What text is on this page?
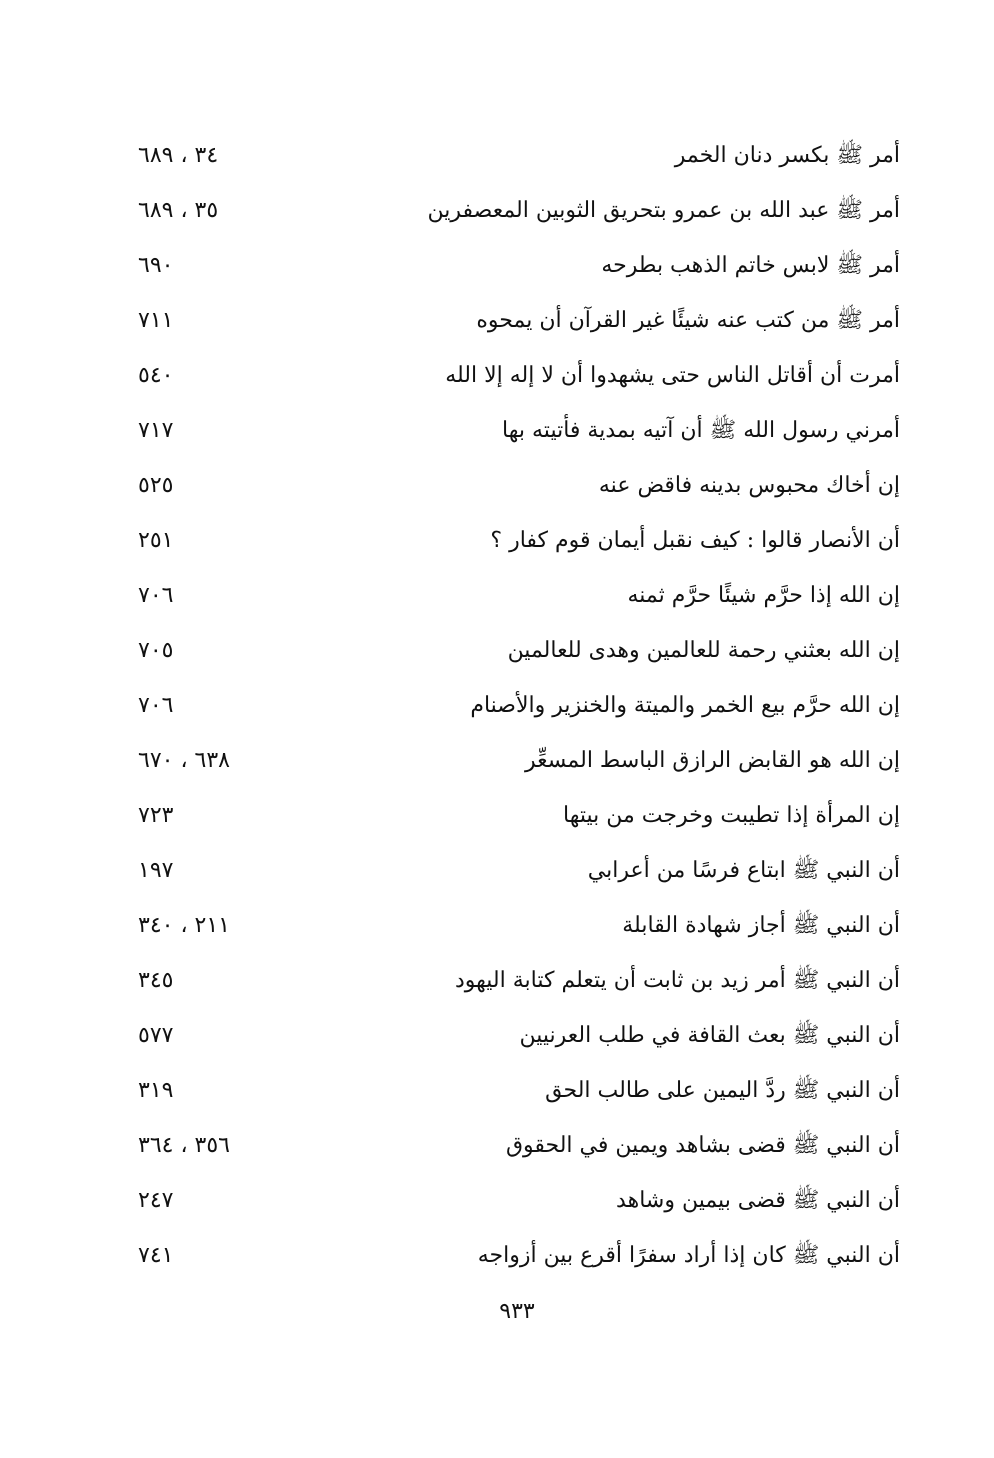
أمر ﷺ بكسر دنان الخمر
٣٤ ، ٦٨٩
أمر ﷺ عبد الله بن عمرو بتحريق الثوبين المعصفرين
٣٥ ، ٦٨٩
أمر ﷺ لابس خاتم الذهب بطرحه
٦٩٠
أمر ﷺ من كتب عنه شيئًا غير القرآن أن يمحوه
٧١١
أمرت أن أقاتل الناس حتى يشهدوا أن لا إله إلا الله
٥٤٠
أمرني رسول الله ﷺ أن آتيه بمدية فأتيته بها
٧١٧
إن أخاك محبوس بدينه فاقض عنه
٥٢٥
أن الأنصار قالوا : كيف نقبل أيمان قوم كفار ؟
٢٥١
إن الله إذا حرَّم شيئًا حرَّم ثمنه
٧٠٦
إن الله بعثني رحمة للعالمين وهدى للعالمين
٧٠٥
إن الله حرَّم بيع الخمر والميتة والخنزير والأصنام
٧٠٦
إن الله هو القابض الرازق الباسط المسعِّر
٦٣٨ ، ٦٧٠
إن المرأة إذا تطيبت وخرجت من بيتها
٧٢٣
أن النبي ﷺ ابتاع فرسًا من أعرابي
١٩٧
أن النبي ﷺ أجاز شهادة القابلة
٢١١ ، ٣٤٠
أن النبي ﷺ أمر زيد بن ثابت أن يتعلم كتابة اليهود
٣٤٥
أن النبي ﷺ بعث القافة في طلب العرنيين
٥٧٧
أن النبي ﷺ ردَّ اليمين على طالب الحق
٣١٩
أن النبي ﷺ قضى بشاهد ويمين في الحقوق
٣٥٦ ، ٣٦٤
أن النبي ﷺ قضى بيمين وشاهد
٢٤٧
أن النبي ﷺ كان إذا أراد سفرًا أقرع بين أزواجه
٧٤١
٩٣٣
